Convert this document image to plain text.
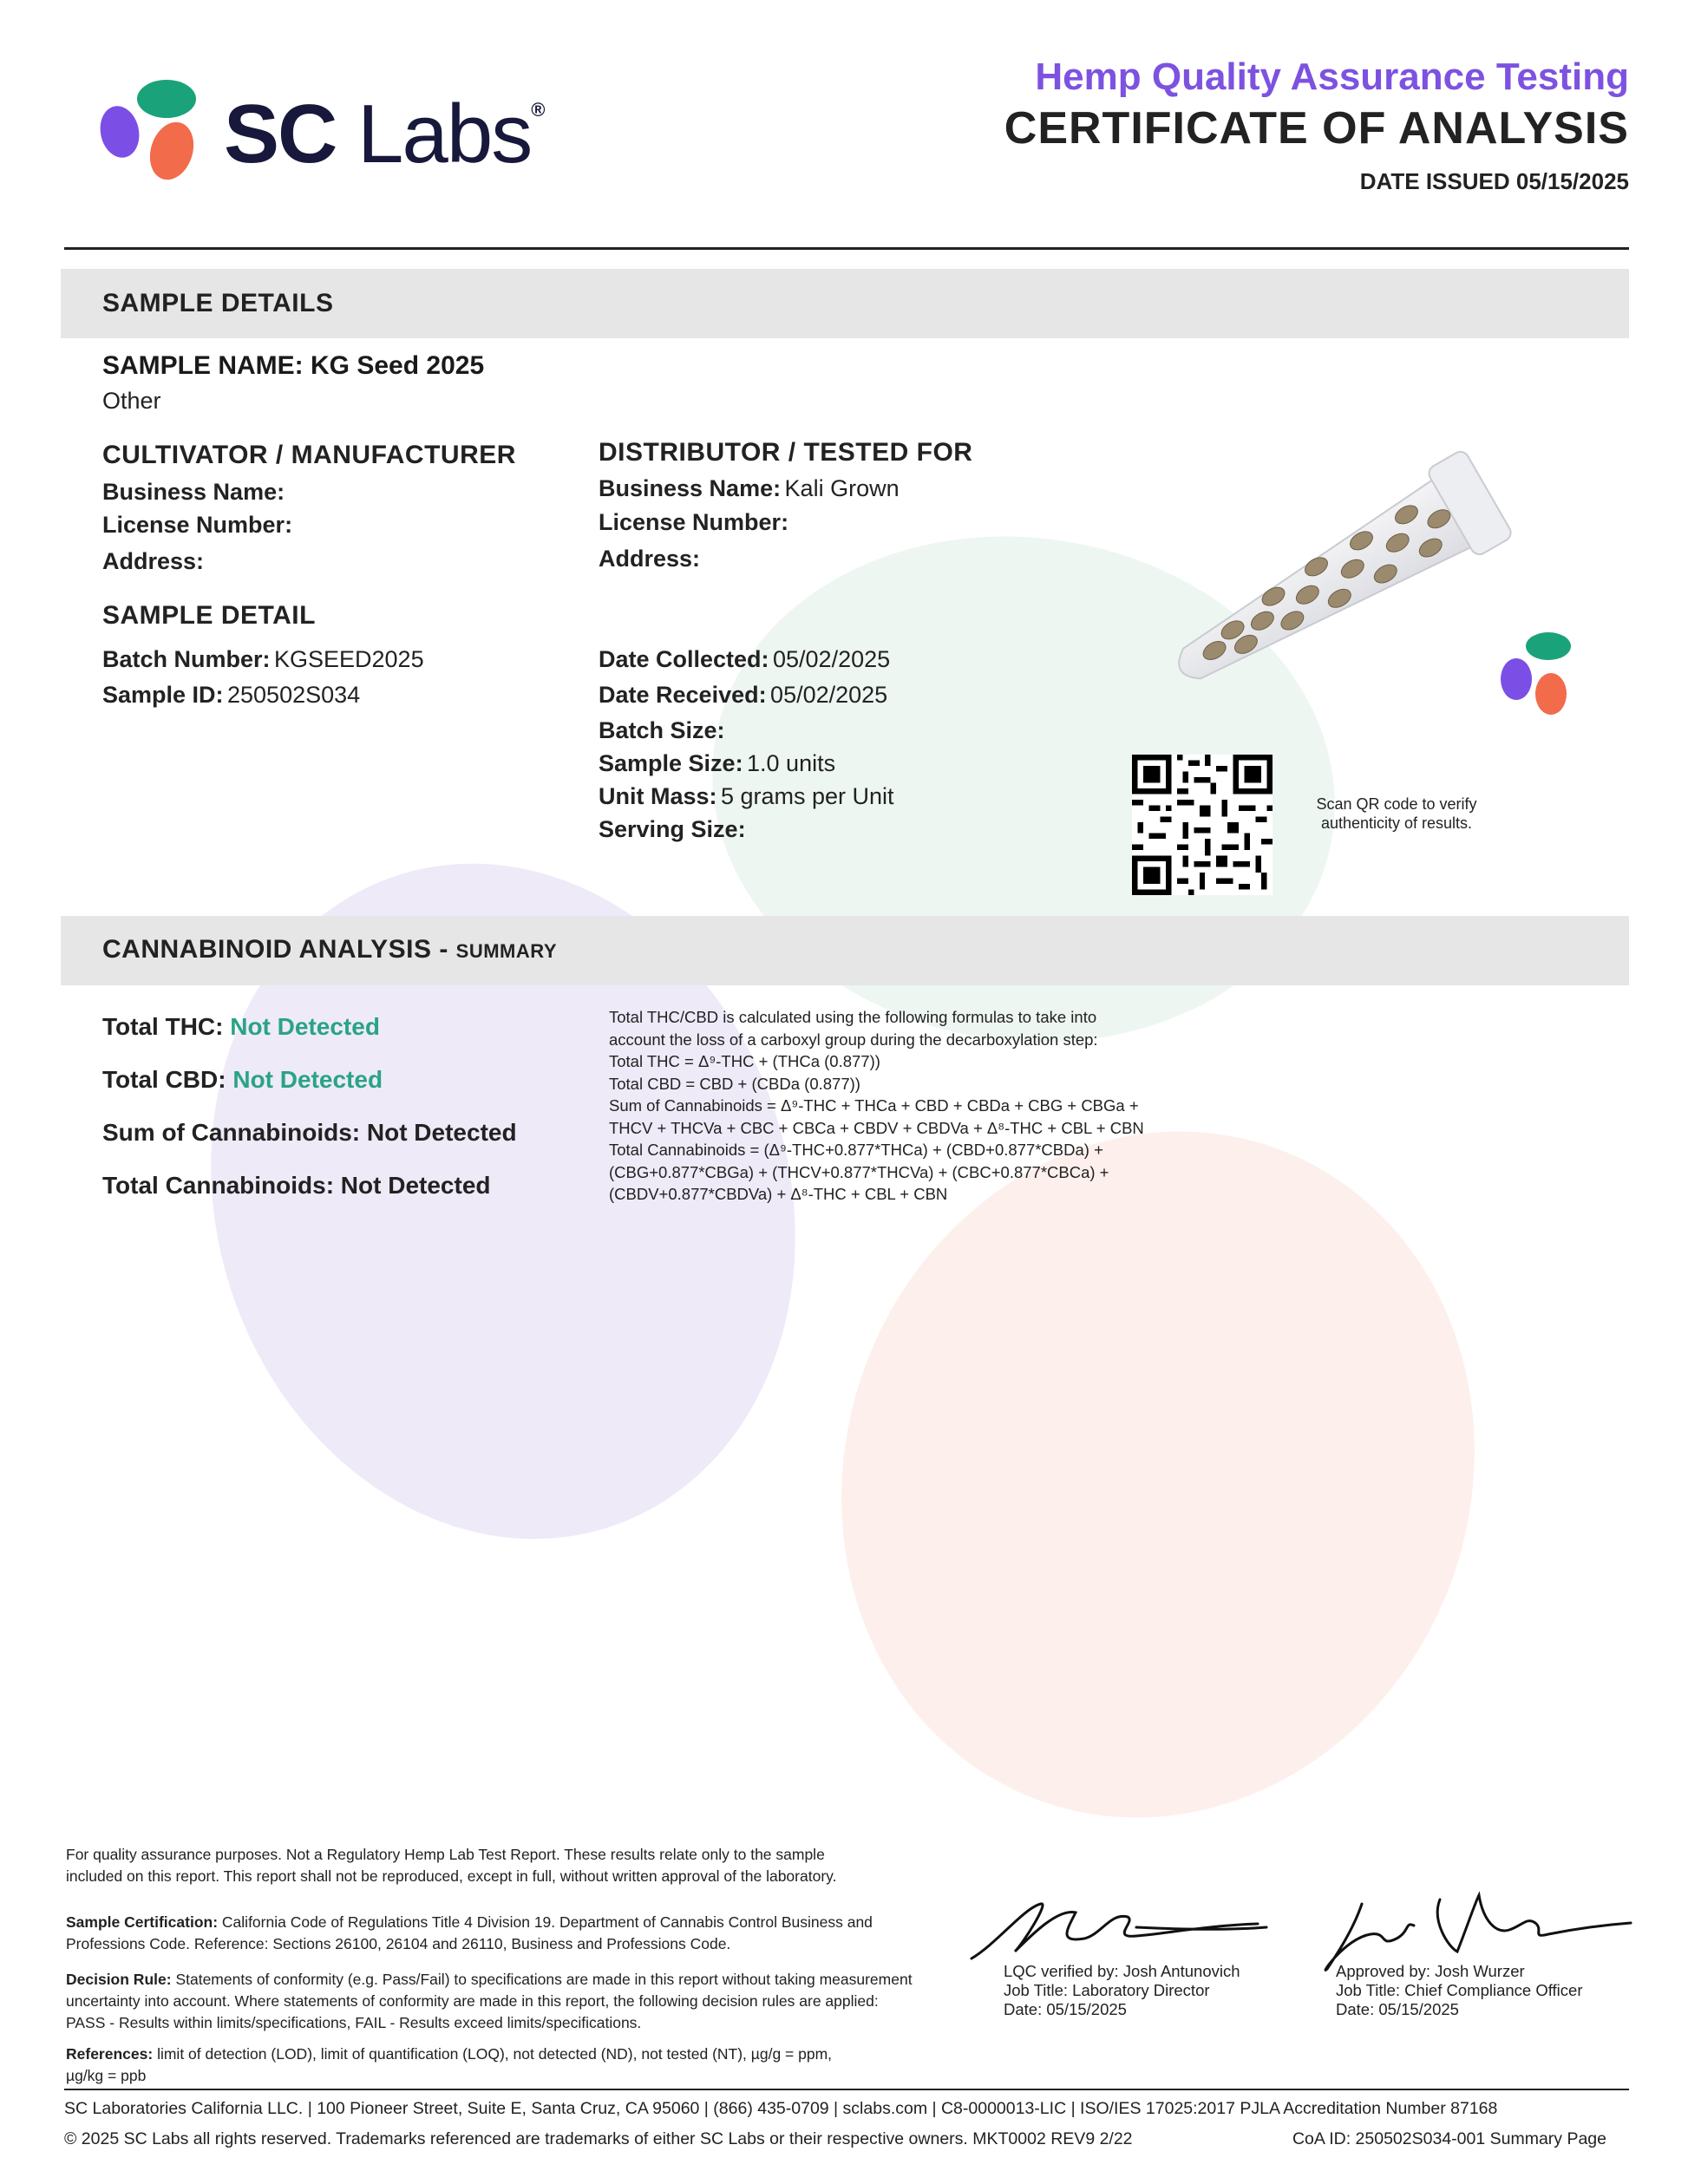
SC Labs®
Hemp Quality Assurance Testing
CERTIFICATE OF ANALYSIS
DATE ISSUED 05/15/2025
SAMPLE DETAILS
SAMPLE NAME: KG Seed 2025
Other
CULTIVATOR / MANUFACTURER
Business Name:
License Number:
Address:
DISTRIBUTOR / TESTED FOR
Business Name: Kali Grown
License Number:
Address:
SAMPLE DETAIL
Batch Number: KGSEED2025
Sample ID: 250502S034
Date Collected: 05/02/2025
Date Received: 05/02/2025
Batch Size:
Sample Size: 1.0 units
Unit Mass: 5 grams per Unit
Serving Size:
Scan QR code to verify authenticity of results.
CANNABINOID ANALYSIS - SUMMARY
Total THC: Not Detected
Total CBD: Not Detected
Sum of Cannabinoids: Not Detected
Total Cannabinoids: Not Detected
Total THC/CBD is calculated using the following formulas to take into
account the loss of a carboxyl group during the decarboxylation step:
Total THC = Δ⁹-THC + (THCa (0.877))
Total CBD = CBD + (CBDa (0.877))
Sum of Cannabinoids = Δ⁹-THC + THCa + CBD + CBDa + CBG + CBGa +
THCV + THCVa + CBC + CBCa + CBDV + CBDVa + Δ⁸-THC + CBL + CBN
Total Cannabinoids = (Δ⁹-THC+0.877*THCa) + (CBD+0.877*CBDa) +
(CBG+0.877*CBGa) + (THCV+0.877*THCVa) + (CBC+0.877*CBCa) +
(CBDV+0.877*CBDVa) + Δ⁸-THC + CBL + CBN
For quality assurance purposes. Not a Regulatory Hemp Lab Test Report. These results relate only to the sample included on this report. This report shall not be reproduced, except in full, without written approval of the laboratory.
Sample Certification: California Code of Regulations Title 4 Division 19. Department of Cannabis Control Business and Professions Code. Reference: Sections 26100, 26104 and 26110, Business and Professions Code.
Decision Rule: Statements of conformity (e.g. Pass/Fail) to specifications are made in this report without taking measurement uncertainty into account. Where statements of conformity are made in this report, the following decision rules are applied: PASS - Results within limits/specifications, FAIL - Results exceed limits/specifications.
References: limit of detection (LOD), limit of quantification (LOQ), not detected (ND), not tested (NT), µg/g = ppm, µg/kg = ppb
LQC verified by: Josh Antunovich
Job Title: Laboratory Director
Date: 05/15/2025
Approved by: Josh Wurzer
Job Title: Chief Compliance Officer
Date: 05/15/2025
SC Laboratories California LLC. | 100 Pioneer Street, Suite E, Santa Cruz, CA 95060 | (866) 435-0709 | sclabs.com | C8-0000013-LIC | ISO/IES 17025:2017 PJLA Accreditation Number 87168
© 2025 SC Labs all rights reserved. Trademarks referenced are trademarks of either SC Labs or their respective owners. MKT0002 REV9 2/22	CoA ID: 250502S034-001 Summary Page
